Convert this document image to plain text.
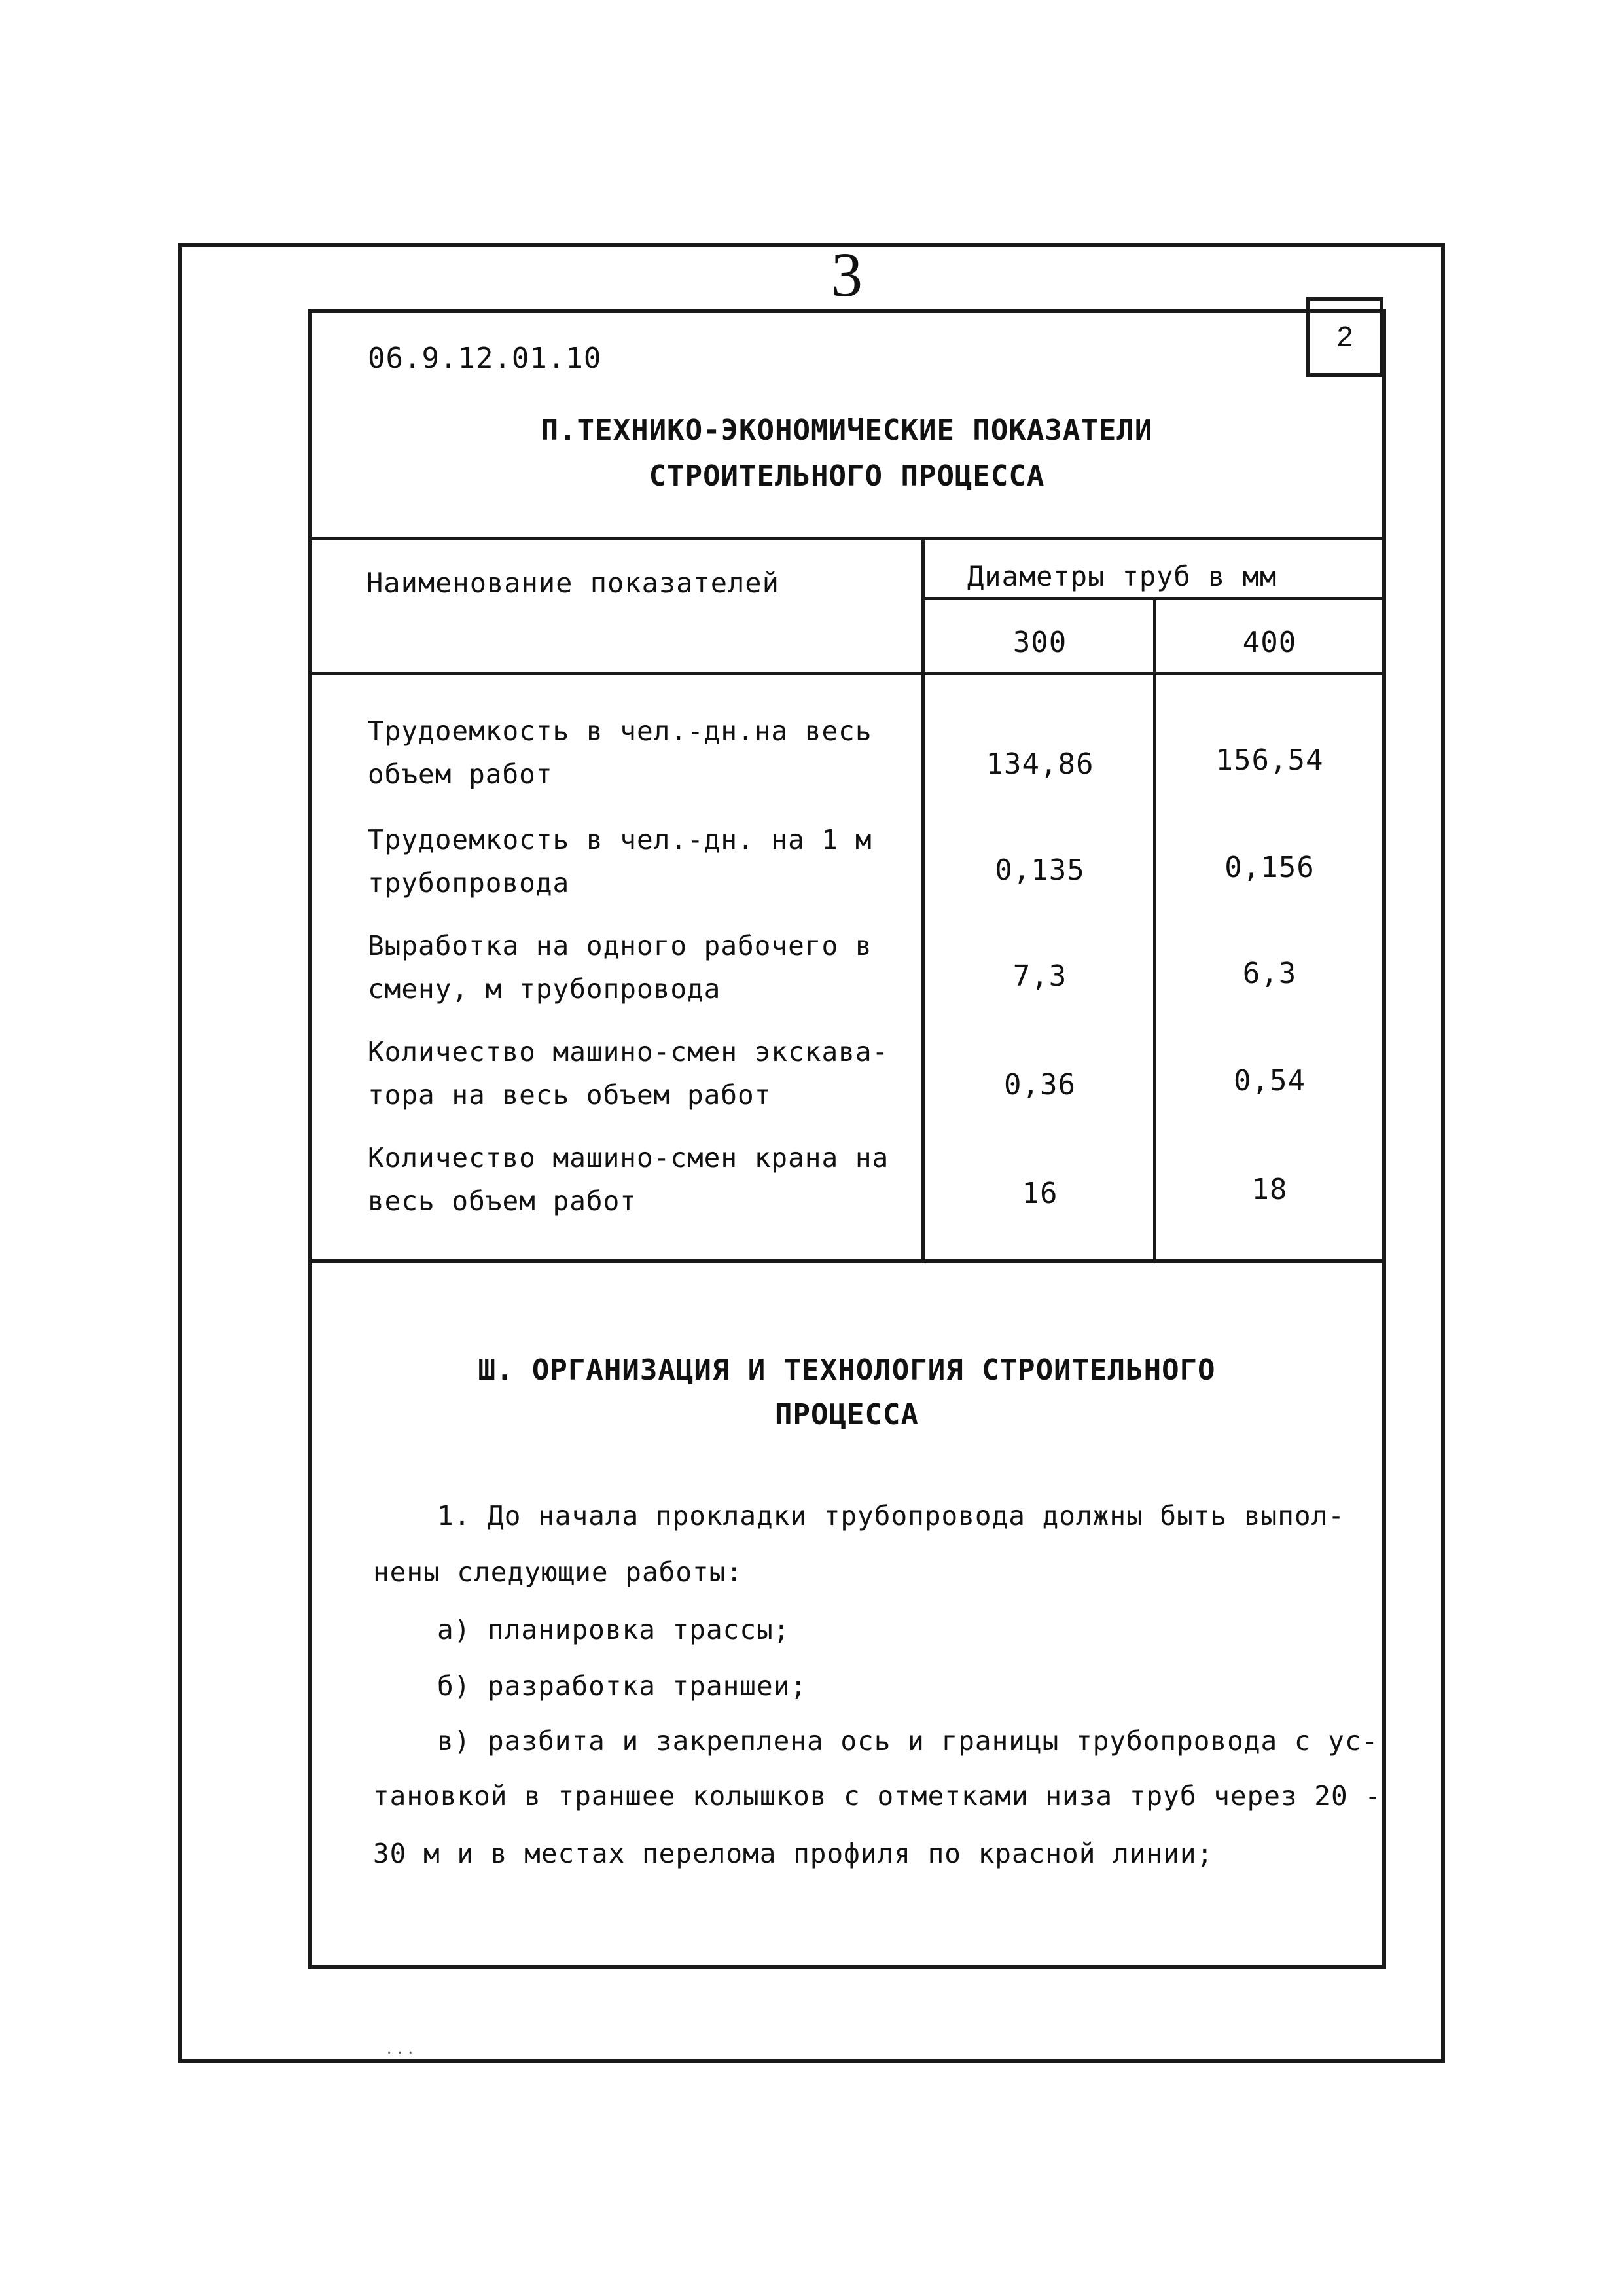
3
2
06.9.12.01.10
П.ТЕХНИКО-ЭКОНОМИЧЕСКИЕ ПОКАЗАТЕЛИ
СТРОИТЕЛЬНОГО ПРОЦЕССА
Наименование показателей	Диаметры труб в мм
300	400
Трудоемкость в чел.-дн.на весь
объем работ	134,86	156,54
Трудоемкость в чел.-дн. на 1 м
трубопровода	0,135	0,156
Выработка на одного рабочего в
смену, м трубопровода	7,3	6,3
Количество машино-смен экскава-
тора на весь объем работ	0,36	0,54
Количество машино-смен крана на
весь объем работ	16	18
Ш. ОРГАНИЗАЦИЯ И ТЕХНОЛОГИЯ СТРОИТЕЛЬНОГО
ПРОЦЕССА
1. До начала прокладки трубопровода должны быть выпол-
нены следующие работы:
а) планировка трассы;
б) разработка траншеи;
в) разбита и закреплена ось и границы трубопровода с ус-
тановкой в траншее колышков с отметками низа труб через 20 -
30 м и в местах перелома профиля по красной линии;
· · ·
